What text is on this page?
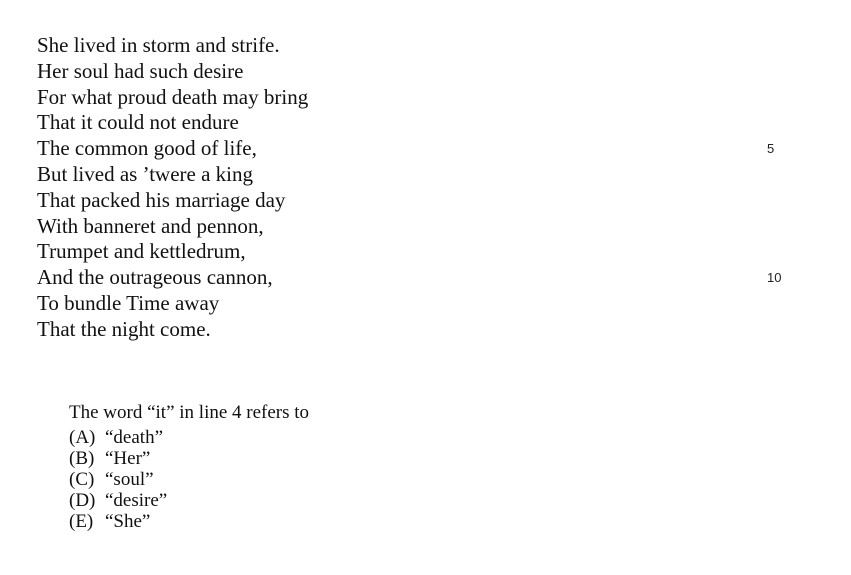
She lived in storm and strife.
Her soul had such desire
For what proud death may bring
That it could not endure
The common good of life,	5
But lived as ’twere a king
That packed his marriage day
With banneret and pennon,
Trumpet and kettledrum,
And the outrageous cannon,	10
To bundle Time away
That the night come.
The word “it” in line 4 refers to
(A) “death”
(B) “Her”
(C) “soul”
(D) “desire”
(E) “She”
